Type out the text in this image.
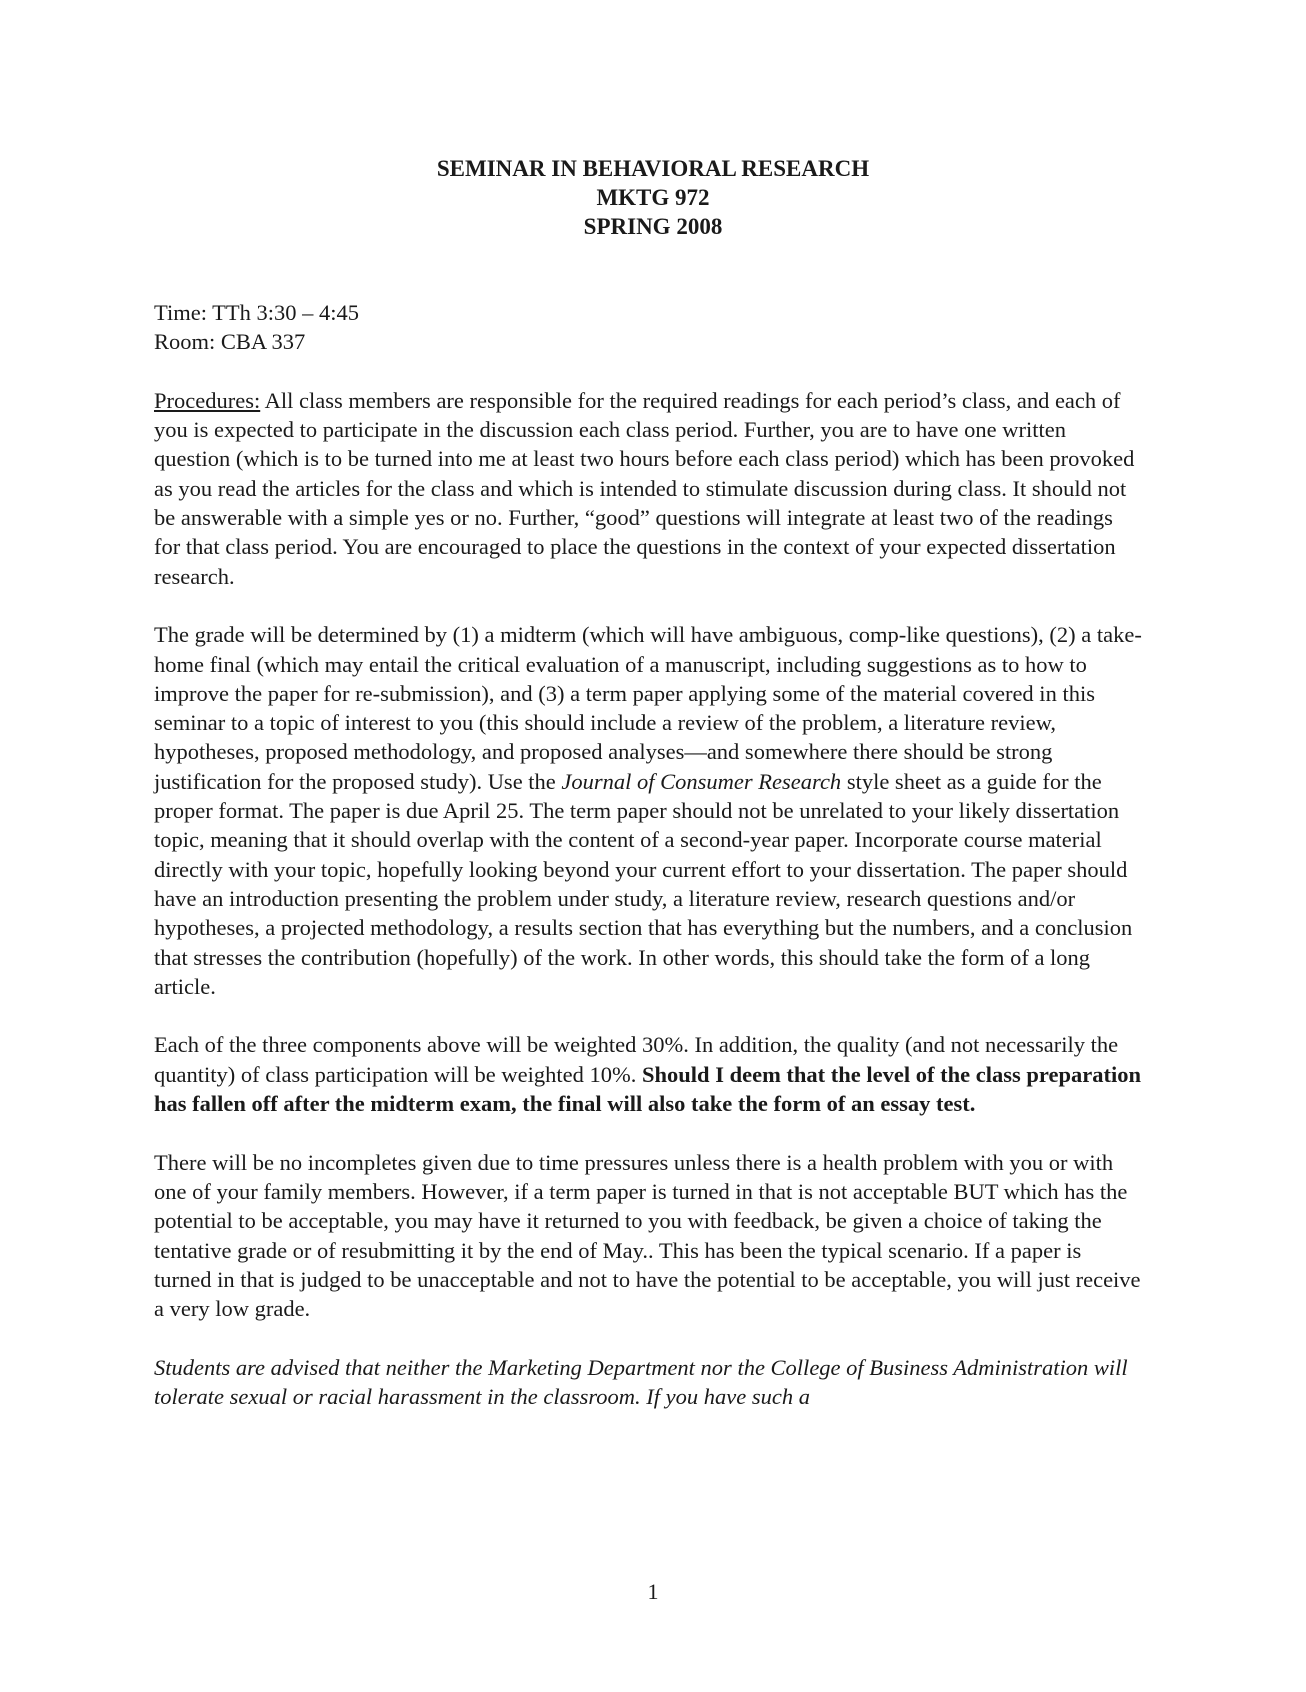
SEMINAR IN BEHAVIORAL RESEARCH
MKTG 972
SPRING 2008

Time: TTh 3:30 – 4:45

Room: CBA 337

Procedures: All class members are responsible for the required readings for each period’s class, and each of you is expected to participate in the discussion each class period. Further, you are to have one written question (which is to be turned into me at least two hours before each class period) which has been provoked as you read the articles for the class and which is intended to stimulate discussion during class. It should not be answerable with a simple yes or no. Further, “good” questions will integrate at least two of the readings for that class period. You are encouraged to place the questions in the context of your expected dissertation research.

The grade will be determined by (1) a midterm (which will have ambiguous, comp-like questions), (2) a take-home final (which may entail the critical evaluation of a manuscript, including suggestions as to how to improve the paper for re-submission), and (3) a term paper applying some of the material covered in this seminar to a topic of interest to you (this should include a review of the problem, a literature review, hypotheses, proposed methodology, and proposed analyses—and somewhere there should be strong justification for the proposed study). Use the Journal of Consumer Research style sheet as a guide for the proper format. The paper is due April 25. The term paper should not be unrelated to your likely dissertation topic, meaning that it should overlap with the content of a second-year paper. Incorporate course material directly with your topic, hopefully looking beyond your current effort to your dissertation. The paper should have an introduction presenting the problem under study, a literature review, research questions and/or hypotheses, a projected methodology, a results section that has everything but the numbers, and a conclusion that stresses the contribution (hopefully) of the work. In other words, this should take the form of a long article.

Each of the three components above will be weighted 30%. In addition, the quality (and not necessarily the quantity) of class participation will be weighted 10%. Should I deem that the level of the class preparation has fallen off after the midterm exam, the final will also take the form of an essay test.

There will be no incompletes given due to time pressures unless there is a health problem with you or with one of your family members. However, if a term paper is turned in that is not acceptable BUT which has the potential to be acceptable, you may have it returned to you with feedback, be given a choice of taking the tentative grade or of resubmitting it by the end of May.. This has been the typical scenario. If a paper is turned in that is judged to be unacceptable and not to have the potential to be acceptable, you will just receive a very low grade.

Students are advised that neither the Marketing Department nor the College of Business Administration will tolerate sexual or racial harassment in the classroom. If you have such a

1
